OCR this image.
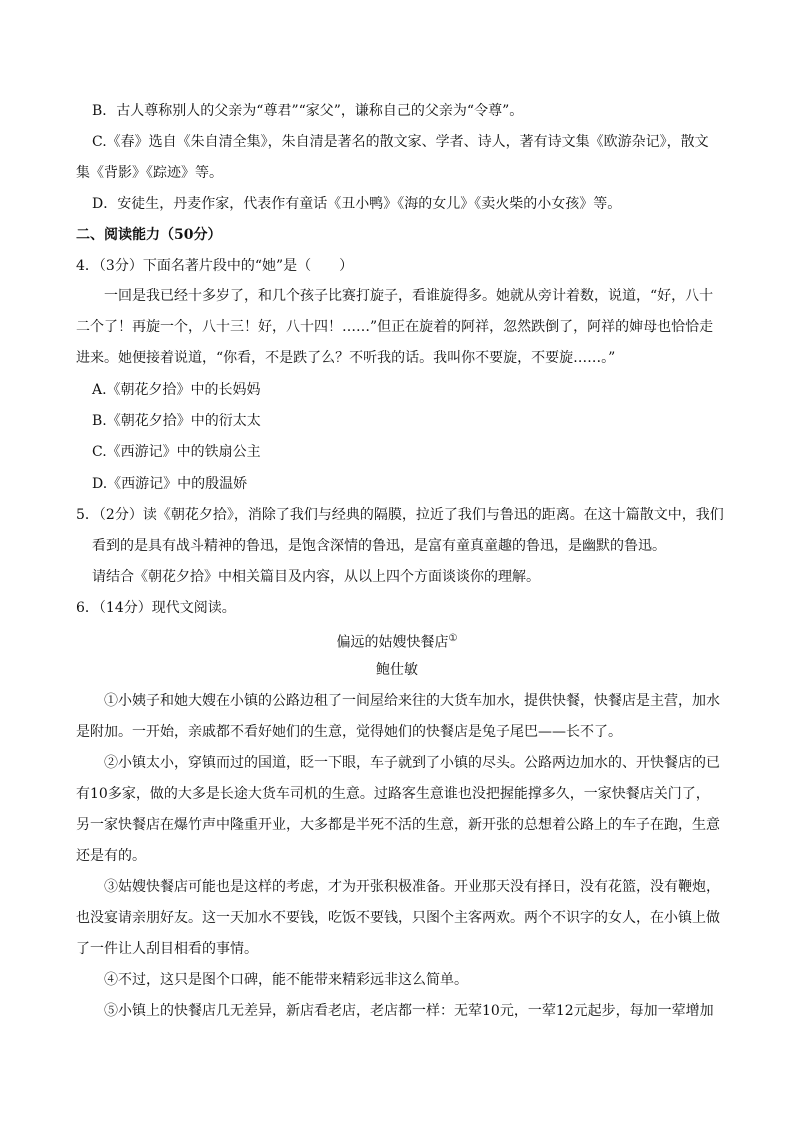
B．古人尊称别人的父亲为“尊君”“家父”，谦称自己的父亲为“令尊”。
C.《春》选自《朱自清全集》，朱自清是著名的散文家、学者、诗人，著有诗文集《欧游杂记》，散文
集《背影》《踪迹》等。
D．安徒生，丹麦作家，代表作有童话《丑小鸭》《海的女儿》《卖火柴的小女孩》等。
二、阅读能力（50分）
4．（3分）下面名著片段中的“她”是（　　）
一回是我已经十多岁了，和几个孩子比赛打旋子，看谁旋得多。她就从旁计着数，说道，“好，八十
二个了！再旋一个，八十三！好，八十四！……”但正在旋着的阿祥，忽然跌倒了，阿祥的婶母也恰恰走
进来。她便接着说道，“你看，不是跌了么？不听我的话。我叫你不要旋，不要旋……。”
A.《朝花夕拾》中的长妈妈
B.《朝花夕拾》中的衍太太
C.《西游记》中的铁扇公主
D.《西游记》中的殷温娇
5．（2分）读《朝花夕拾》，消除了我们与经典的隔膜，拉近了我们与鲁迅的距离。在这十篇散文中，我们
看到的是具有战斗精神的鲁迅，是饱含深情的鲁迅，是富有童真童趣的鲁迅，是幽默的鲁迅。
请结合《朝花夕拾》中相关篇目及内容，从以上四个方面谈谈你的理解。
6．（14分）现代文阅读。
偏远的姑嫂快餐店①
鲍仕敏
①小姨子和她大嫂在小镇的公路边租了一间屋给来往的大货车加水，提供快餐，快餐店是主营，加水
是附加。一开始，亲戚都不看好她们的生意，觉得她们的快餐店是兔子尾巴——长不了。
②小镇太小，穿镇而过的国道，眨一下眼，车子就到了小镇的尽头。公路两边加水的、开快餐店的已
有10多家，做的大多是长途大货车司机的生意。过路客生意谁也没把握能撑多久，一家快餐店关门了，
另一家快餐店在爆竹声中隆重开业，大多都是半死不活的生意，新开张的总想着公路上的车子在跑，生意
还是有的。
③姑嫂快餐店可能也是这样的考虑，才为开张积极准备。开业那天没有择日，没有花篮，没有鞭炮，
也没宴请亲朋好友。这一天加水不要钱，吃饭不要钱，只图个主客两欢。两个不识字的女人，在小镇上做
了一件让人刮目相看的事情。
④不过，这只是图个口碑，能不能带来精彩远非这么简单。
⑤小镇上的快餐店几无差异，新店看老店，老店都一样：无荤10元，一荤12元起步，每加一荤增加
